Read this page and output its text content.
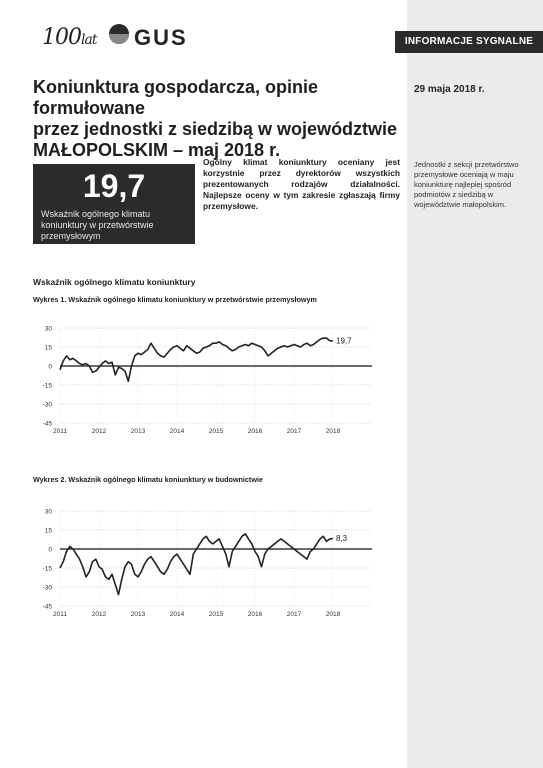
100lat GUS	INFORMACJE SYGNALNE
Koniunktura gospodarcza, opinie formułowane
przez jednostki z siedzibą w województwie
MAŁOPOLSKIM – maj 2018 r.
29 maja 2018 r.
19,7
Wskaźnik ogólnego klimatu koniunktury w przetwórstwie przemysłowym
Ogólny klimat koniunktury oceniany jest korzystnie przez dyrektorów wszystkich prezentowanych rodzajów działalności. Najlepsze oceny w tym zakresie zgłaszają firmy przemysłowe.
Jednostki z sekcji przetwórstwo przemysłowe oceniają w maju koniunkturę najlepiej spośród podmiotów z siedzibą w województwie małopolskim.
Wskaźnik ogólnego klimatu koniunktury
Wykres 1. Wskaźnik ogólnego klimatu koniunktury w przetwórstwie przemysłowym
30
15
0
-15
-30
-45
2011	2012	2013	2014	2015	2016	2017	2018
19,7
Wykres 2. Wskaźnik ogólnego klimatu koniunktury w budownictwie
30
15
0
-15
-30
-45
2011	2012	2013	2014	2015	2016	2017	2018
8,3
